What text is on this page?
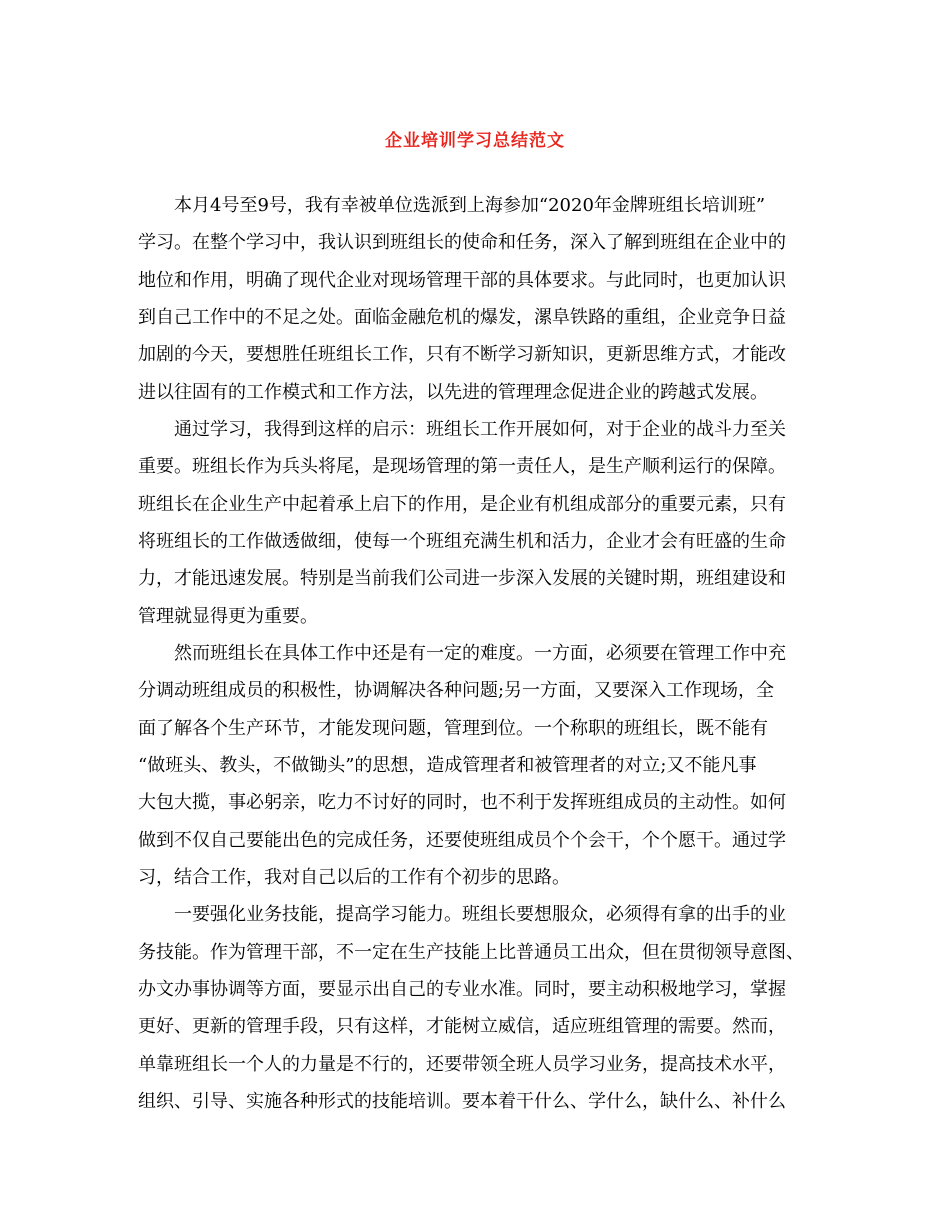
企业培训学习总结范文
本月4号至9号，我有幸被单位选派到上海参加“2020年金牌班组长培训班”
学习。在整个学习中，我认识到班组长的使命和任务，深入了解到班组在企业中的
地位和作用，明确了现代企业对现场管理干部的具体要求。与此同时，也更加认识
到自己工作中的不足之处。面临金融危机的爆发，漯阜铁路的重组，企业竞争日益
加剧的今天，要想胜任班组长工作，只有不断学习新知识，更新思维方式，才能改
进以往固有的工作模式和工作方法，以先进的管理理念促进企业的跨越式发展。
通过学习，我得到这样的启示：班组长工作开展如何，对于企业的战斗力至关
重要。班组长作为兵头将尾，是现场管理的第一责任人，是生产顺利运行的保障。
班组长在企业生产中起着承上启下的作用，是企业有机组成部分的重要元素，只有
将班组长的工作做透做细，使每一个班组充满生机和活力，企业才会有旺盛的生命
力，才能迅速发展。特别是当前我们公司进一步深入发展的关键时期，班组建设和
管理就显得更为重要。
然而班组长在具体工作中还是有一定的难度。一方面，必须要在管理工作中充
分调动班组成员的积极性，协调解决各种问题;另一方面，又要深入工作现场，全
面了解各个生产环节，才能发现问题，管理到位。一个称职的班组长，既不能有
“做班头、教头，不做锄头”的思想，造成管理者和被管理者的对立;又不能凡事
大包大揽，事必躬亲，吃力不讨好的同时，也不利于发挥班组成员的主动性。如何
做到不仅自己要能出色的完成任务，还要使班组成员个个会干，个个愿干。通过学
习，结合工作，我对自己以后的工作有个初步的思路。
一要强化业务技能，提高学习能力。班组长要想服众，必须得有拿的出手的业
务技能。作为管理干部，不一定在生产技能上比普通员工出众，但在贯彻领导意图、
办文办事协调等方面，要显示出自己的专业水准。同时，要主动积极地学习，掌握
更好、更新的管理手段，只有这样，才能树立威信，适应班组管理的需要。然而，
单靠班组长一个人的力量是不行的，还要带领全班人员学习业务，提高技术水平，
组织、引导、实施各种形式的技能培训。要本着干什么、学什么，缺什么、补什么
